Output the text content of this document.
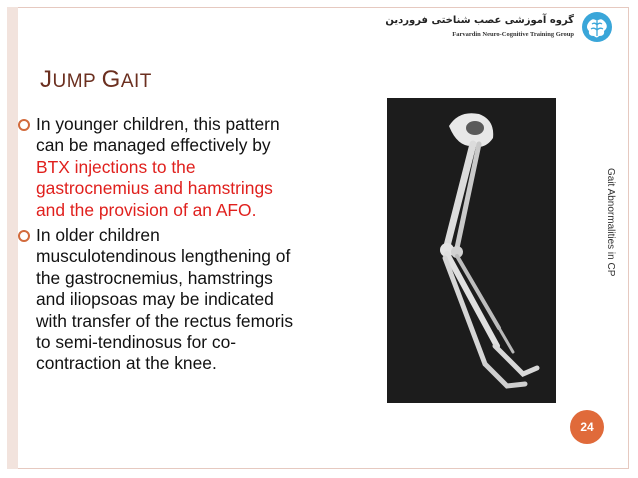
گروه آموزشی عصب شناختی فروردین
Farvardin Neuro-Cognitive Training Group
JUMP GAIT
In younger children, this pattern
can be managed effectively by
BTX injections to the
gastrocnemius and hamstrings
and the provision of an AFO.
In older children
musculotendinous lengthening of
the gastrocnemius, hamstrings
and iliopsoas may be indicated
with transfer of the rectus femoris
to semi-tendinosus for co-
contraction at the knee.
Gait Abnormalities in CP
24
